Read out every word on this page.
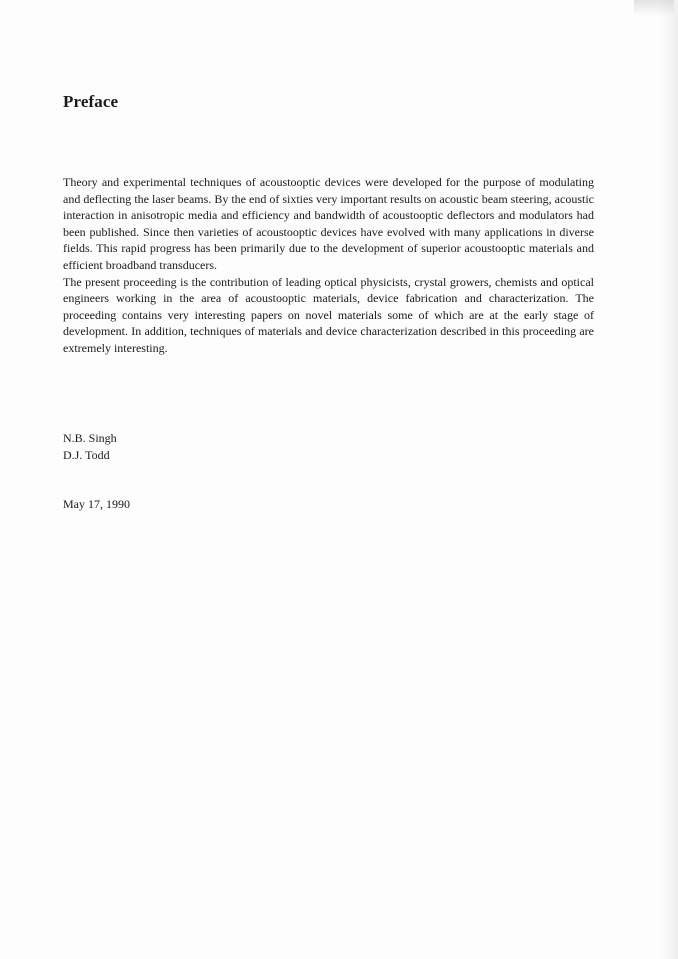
Preface

Theory and experimental techniques of acoustooptic devices were developed for the purpose of modulating and deflecting the laser beams. By the end of sixties very important results on acoustic beam steering, acoustic interaction in anisotropic media and efficiency and bandwidth of acoustooptic deflectors and modulators had been published. Since then varieties of acoustooptic devices have evolved with many applications in diverse fields. This rapid progress has been primarily due to the development of superior acoustooptic materials and efficient broadband transducers.

The present proceeding is the contribution of leading optical physicists, crystal growers, chemists and optical engineers working in the area of acoustooptic materials, device fabrication and characterization. The proceeding contains very interesting papers on novel materials some of which are at the early stage of development. In addition, techniques of materials and device characterization described in this proceeding are extremely interesting.

N.B. Singh
D.J. Todd
May 17, 1990
